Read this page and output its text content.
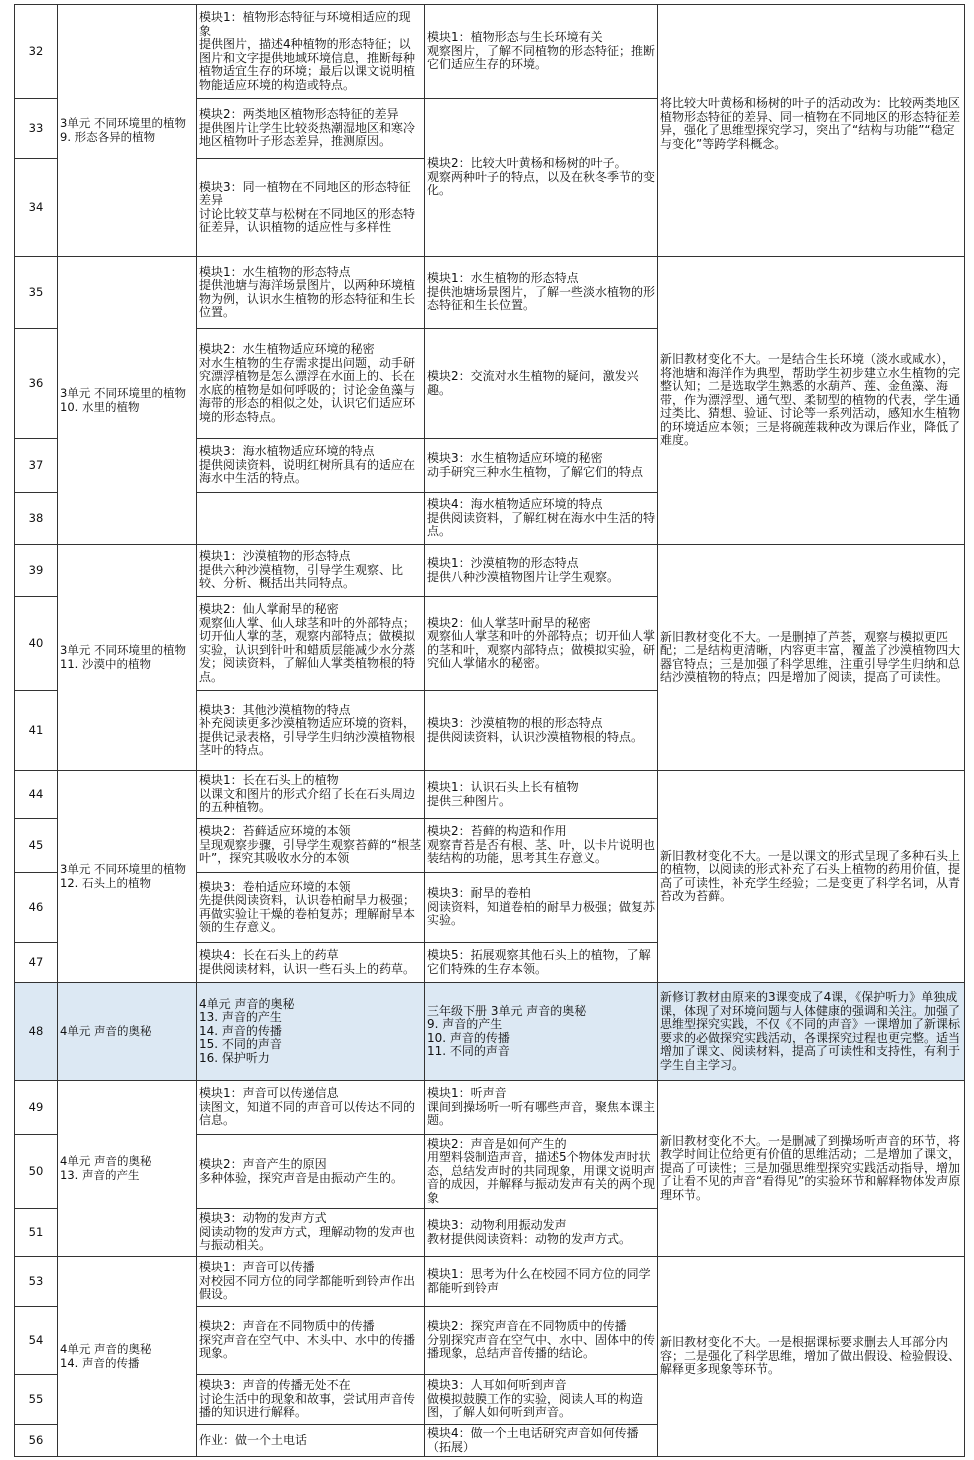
32	3单元 不同环境里的植物
9. 形态各异的植物	模块1：植物形态特征与环境相适应的现象
提供图片，描述4种植物的形态特征；以图片和文字提供地域环境信息，推断每种植物适宜生存的环境；最后以课文说明植物能适应环境的构造或特点。	模块1：植物形态与生长环境有关
观察图片，了解不同植物的形态特征；推断它们适应生存的环境。	将比较大叶黄杨和杨树的叶子的活动改为：比较两类地区植物形态特征的差异、同一植物在不同地区的形态特征差异，强化了思维型探究学习，突出了“结构与功能”“稳定与变化”等跨学科概念。

33		模块2：两类地区植物形态特征的差异
提供图片让学生比较炎热潮湿地区和寒冷地区植物叶子形态差异，推测原因。	模块2：比较大叶黄杨和杨树的叶子。
观察两种叶子的特点，以及在秋冬季节的变化。	

34		模块3：同一植物在不同地区的形态特征差异
讨论比较艾草与松树在不同地区的形态特征差异，认识植物的适应性与多样性		

35	3单元 不同环境里的植物
10. 水里的植物	模块1：水生植物的形态特点
提供池塘与海洋场景图片，以两种环境植物为例，认识水生植物的形态特征和生长位置。	模块1：水生植物的形态特点
提供池塘场景图片，了解一些淡水植物的形态特征和生长位置。	新旧教材变化不大。一是结合生长环境（淡水或咸水），将池塘和海洋作为典型，帮助学生初步建立水生植物的完整认知；二是选取学生熟悉的水葫芦、莲、金鱼藻、海带，作为漂浮型、通气型、柔韧型的植物的代表，学生通过类比、猜想、验证、讨论等一系列活动，感知水生植物的环境适应本领；三是将碗莲栽种改为课后作业，降低了难度。

36		模块2：水生植物适应环境的秘密
对水生植物的生存需求提出问题，动手研究漂浮植物是怎么漂浮在水面上的、长在水底的植物是如何呼吸的；讨论金鱼藻与海带的形态的相似之处，认识它们适应环境的形态特点。	模块2：交流对水生植物的疑问，激发兴趣。	

37		模块3：海水植物适应环境的特点
提供阅读资料，说明红树所具有的适应在海水中生活的特点。	模块3：水生植物适应环境的秘密
动手研究三种水生植物，了解它们的特点	

38			模块4：海水植物适应环境的特点
提供阅读资料，了解红树在海水中生活的特点。	

39	3单元 不同环境里的植物
11. 沙漠中的植物	模块1：沙漠植物的形态特点
提供六种沙漠植物，引导学生观察、比较、分析、概括出共同特点。	模块1：沙漠植物的形态特点
提供八种沙漠植物图片让学生观察。	新旧教材变化不大。一是删掉了芦荟，观察与模拟更匹配；二是结构更清晰，内容更丰富，覆盖了沙漠植物四大器官特点；三是加强了科学思维，注重引导学生归纳和总结沙漠植物的特点；四是增加了阅读，提高了可读性。

40		模块2：仙人掌耐旱的秘密
观察仙人掌、仙人球茎和叶的外部特点；切开仙人掌的茎，观察内部特点；做模拟实验，认识到针叶和蜡质层能减少水分蒸发；阅读资料，了解仙人掌类植物根的特点。	模块2：仙人掌茎叶耐旱的秘密
观察仙人掌茎和叶的外部特点；切开仙人掌的茎和叶，观察内部特点；做模拟实验，研究仙人掌储水的秘密。	

41		模块3：其他沙漠植物的特点
补充阅读更多沙漠植物适应环境的资料，提供记录表格，引导学生归纳沙漠植物根茎叶的特点。	模块3：沙漠植物的根的形态特点
提供阅读资料，认识沙漠植物根的特点。	

44	3单元 不同环境里的植物
12. 石头上的植物	模块1：长在石头上的植物
以课文和图片的形式介绍了长在石头周边的五种植物。	模块1：认识石头上长有植物
提供三种图片。	新旧教材变化不大。一是以课文的形式呈现了多种石头上的植物，以阅读的形式补充了石头上植物的药用价值，提高了可读性，补充学生经验；二是变更了科学名词，从青苔改为苔藓。

45		模块2：苔藓适应环境的本领
呈现观察步骤，引导学生观察苔藓的“根茎叶”，探究其吸收水分的本领	模块2：苔藓的构造和作用
观察青苔是否有根、茎、叶，以卡片说明也装结构的功能，思考其生存意义。	

46		模块3：卷柏适应环境的本领
先提供阅读资料，认识卷柏耐旱力极强；再做实验让干燥的卷柏复苏；理解耐旱本领的生存意义。	模块3：耐旱的卷柏
阅读资料，知道卷柏的耐旱力极强；做复苏实验。	

47		模块4：长在石头上的药草
提供阅读材料，认识一些石头上的药草。	模块5：拓展观察其他石头上的植物，了解它们特殊的生存本领。	

48	4单元 声音的奥秘	4单元 声音的奥秘
13. 声音的产生
14. 声音的传播
15. 不同的声音
16. 保护听力	三年级下册 3单元 声音的奥秘
9. 声音的产生
10. 声音的传播
11. 不同的声音	新修订教材由原来的3课变成了4课，《保护听力》单独成课，体现了对环境问题与人体健康的强调和关注。加强了思维型探究实践，不仅《不同的声音》一课增加了新课标要求的必做探究实践活动，各课探究过程也更完整。适当增加了课文、阅读材料，提高了可读性和支持性，有利于学生自主学习。

49	4单元 声音的奥秘
13. 声音的产生	模块1：声音可以传递信息
读图文，知道不同的声音可以传达不同的信息。	模块1：听声音
课间到操场听一听有哪些声音，聚焦本课主题。	新旧教材变化不大。一是删减了到操场听声音的环节，将教学时间让位给更有价值的思维活动；二是增加了课文，提高了可读性；三是加强思维型探究实践活动指导，增加了让看不见的声音“看得见”的实验环节和解释物体发声原理环节。

50		模块2：声音产生的原因
多种体验，探究声音是由振动产生的。	模块2：声音是如何产生的
用塑料袋制造声音，描述5个物体发声时状态，总结发声时的共同现象，用课文说明声音的成因，并解释与振动发声有关的两个现象	

51		模块3：动物的发声方式
阅读动物的发声方式，理解动物的发声也与振动相关。	模块3：动物利用振动发声
教材提供阅读资料：动物的发声方式。	

53	4单元 声音的奥秘
14. 声音的传播	模块1：声音可以传播
对校园不同方位的同学都能听到铃声作出假设。	模块1：思考为什么在校园不同方位的同学都能听到铃声	新旧教材变化不大。一是根据课标要求删去人耳部分内容；二是强化了科学思维，增加了做出假设、检验假设、解释更多现象等环节。

54		模块2：声音在不同物质中的传播
探究声音在空气中、木头中、水中的传播现象。	模块2：探究声音在不同物质中的传播
分别探究声音在空气中、水中、固体中的传播现象，总结声音传播的结论。	

55		模块3：声音的传播无处不在
讨论生活中的现象和故事，尝试用声音传播的知识进行解释。	模块3：人耳如何听到声音
做模拟鼓膜工作的实验，阅读人耳的构造图，了解人如何听到声音。	

56		作业：做一个土电话	模块4：做一个土电话研究声音如何传播（拓展）	
